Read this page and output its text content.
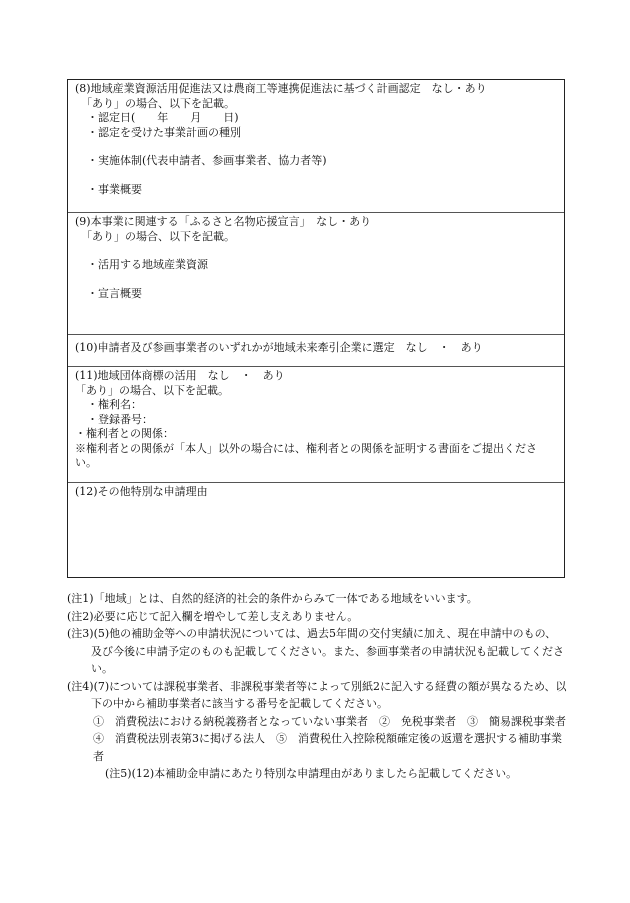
(8)地域産業資源活用促進法又は農商工等連携促進法に基づく計画認定　なし・あり
「あり」の場合、以下を記載。
・認定日(　　年　　月　　日)
・認定を受けた事業計画の種別
・実施体制(代表申請者、参画事業者、協力者等)
・事業概要
(9)本事業に関連する「ふるさと名物応援宣言」　なし・あり
「あり」の場合、以下を記載。
・活用する地域産業資源
・宣言概要
(10)申請者及び参画事業者のいずれかが地域未来牽引企業に選定　なし　・　あり
(11)地域団体商標の活用　なし　・　あり
「あり」の場合、以下を記載。
・権利名：
・登録番号：
・権利者との関係：
※権利者との関係が「本人」以外の場合には、権利者との関係を証明する書面をご提出ください。
(12)その他特別な申請理由
(注1)「地域」とは、自然的経済的社会的条件からみて一体である地域をいいます。
(注2)必要に応じて記入欄を増やして差し支えありません。
(注3)(5)他の補助金等への申請状況については、過去5年間の交付実績に加え、現在申請中のもの、及び今後に申請予定のものも記載してください。また、参画事業者の申請状況も記載してください。
(注4)(7)については課税事業者、非課税事業者等によって別紙2に記入する経費の額が異なるため、以下の中から補助事業者に該当する番号を記載してください。
①　消費税法における納税義務者となっていない事業者　②　免税事業者　③　簡易課税事業者
④　消費税法別表第3に掲げる法人　⑤　消費税仕入控除税額確定後の返還を選択する補助事業者
(注5)(12)本補助金申請にあたり特別な申請理由がありましたら記載してください。
